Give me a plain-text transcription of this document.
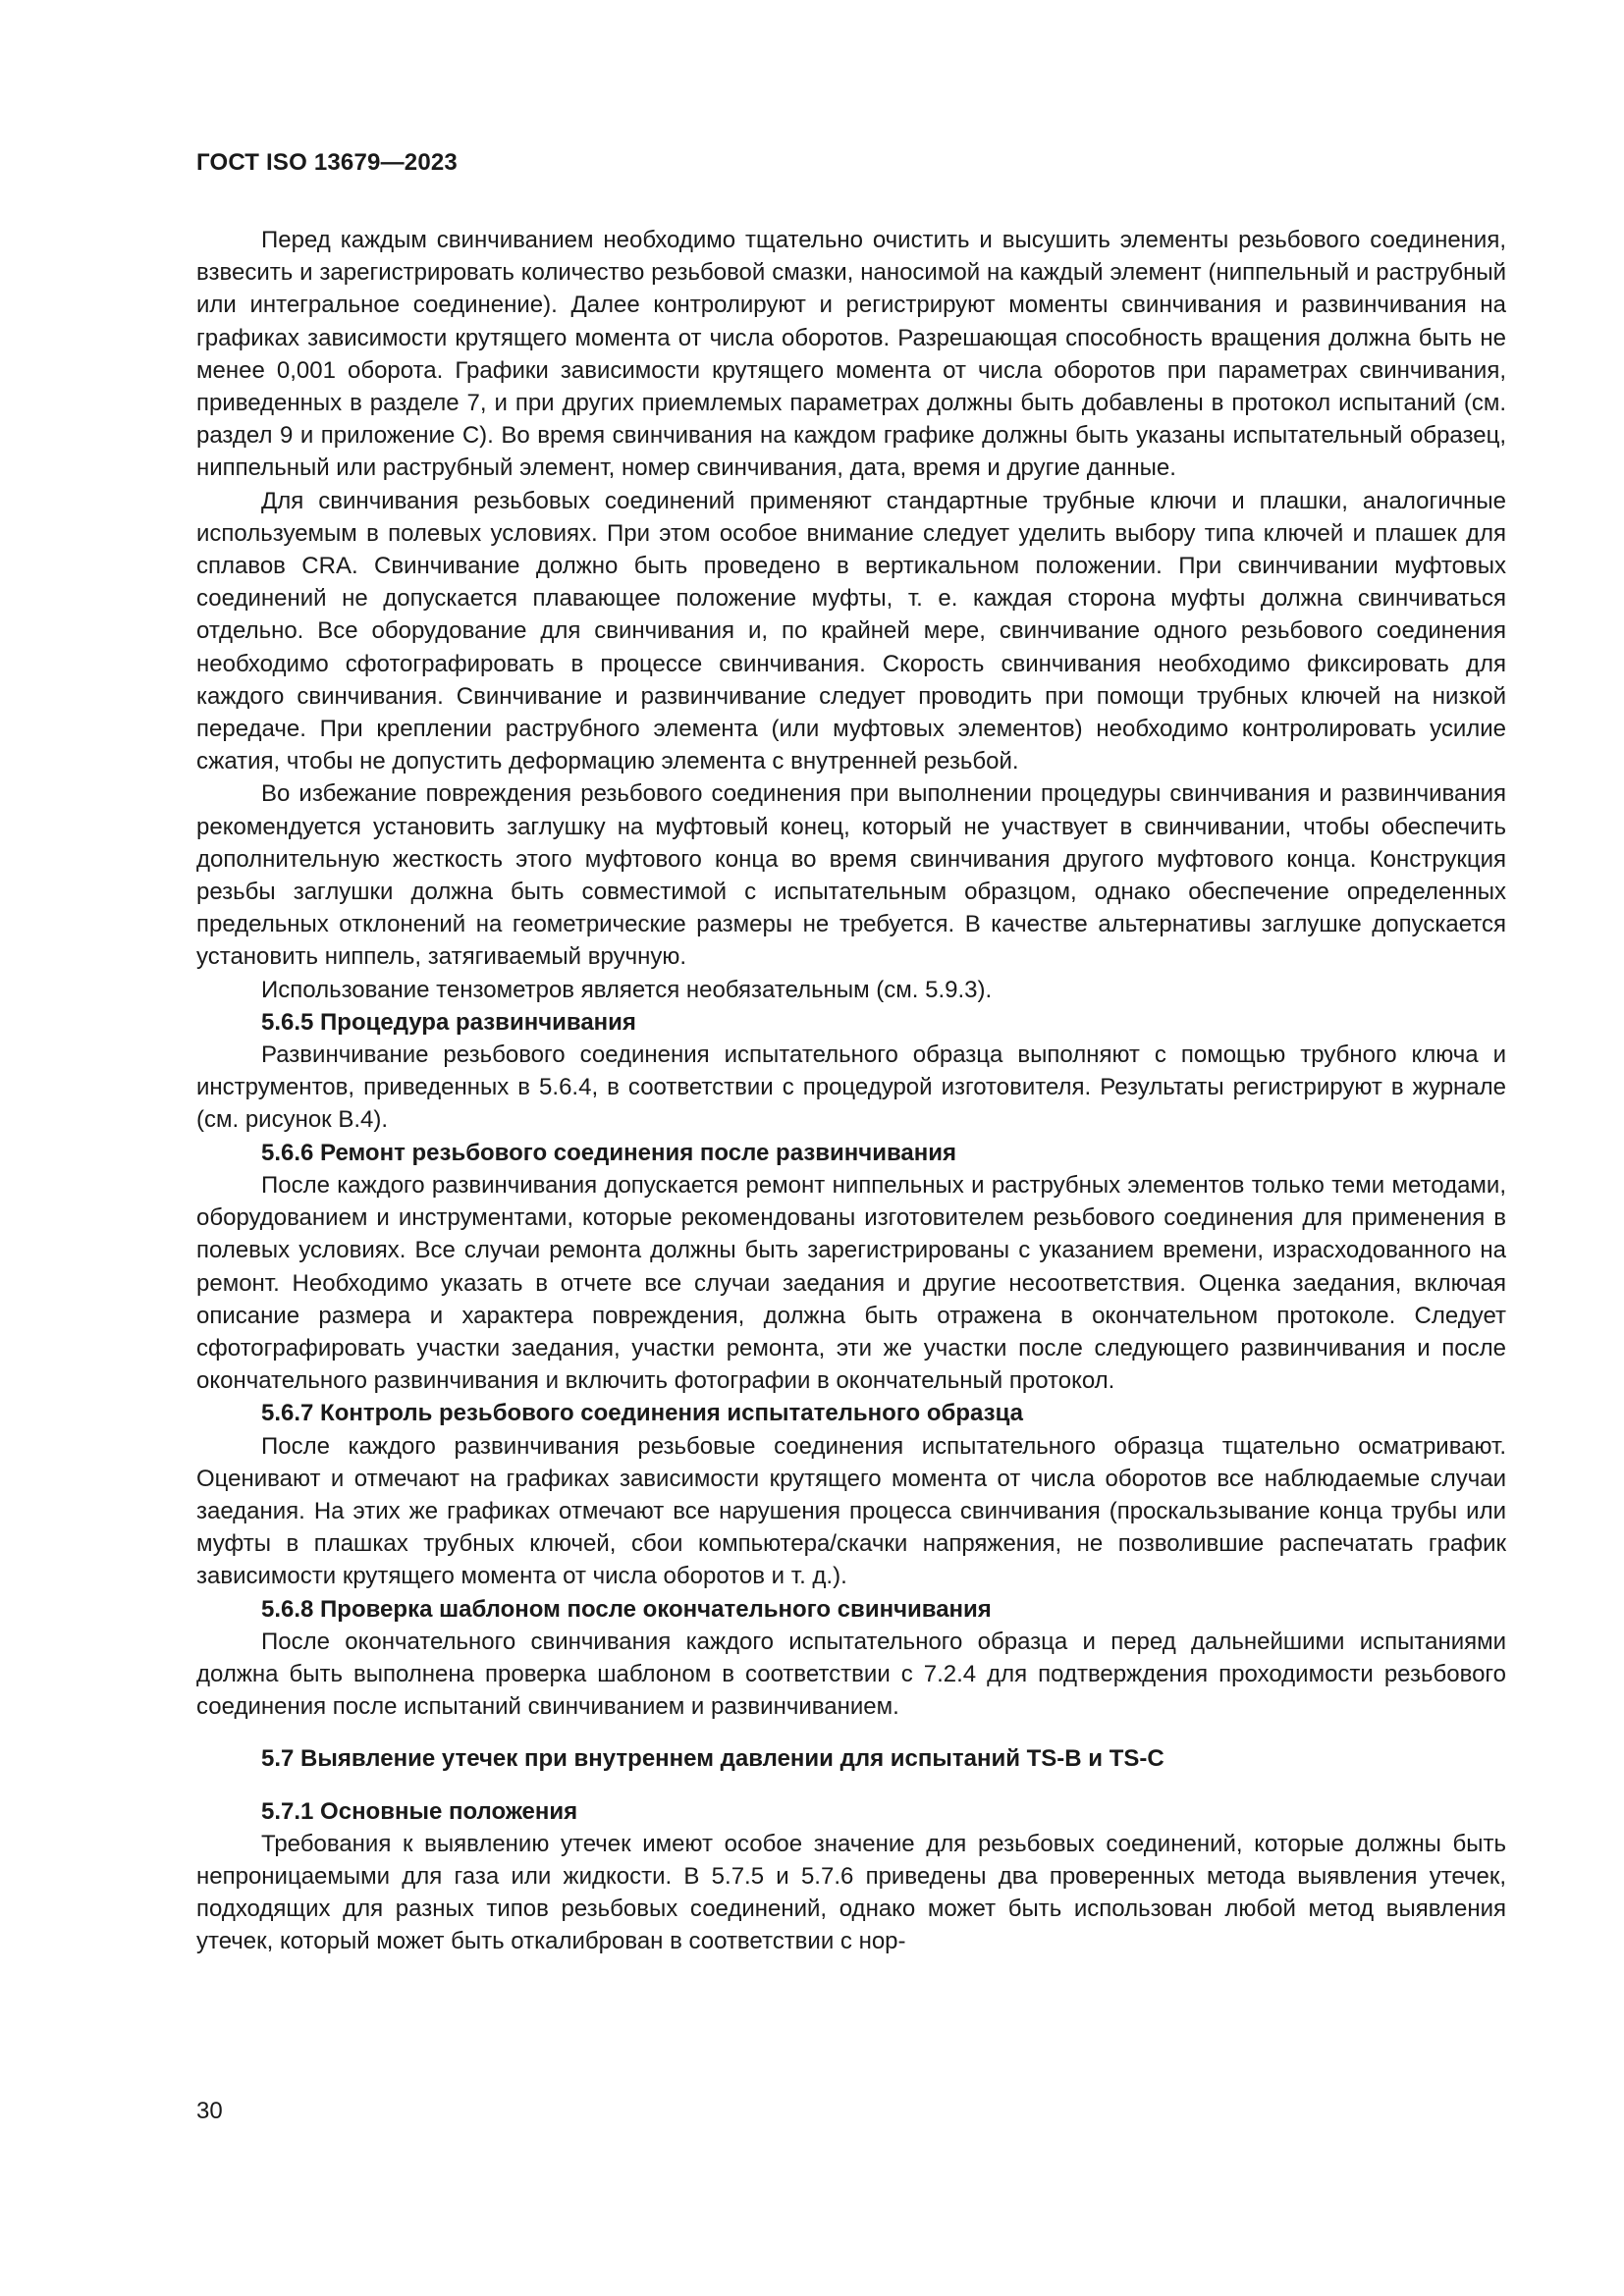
ГОСТ ISO 13679—2023

Перед каждым свинчиванием необходимо тщательно очистить и высушить элементы резьбового соединения, взвесить и зарегистрировать количество резьбовой смазки, наносимой на каждый элемент (ниппельный и раструбный или интегральное соединение). Далее контролируют и регистрируют моменты свинчивания и развинчивания на графиках зависимости крутящего момента от числа оборотов. Разрешающая способность вращения должна быть не менее 0,001 оборота. Графики зависимости крутящего момента от числа оборотов при параметрах свинчивания, приведенных в разделе 7, и при других приемлемых параметрах должны быть добавлены в протокол испытаний (см. раздел 9 и приложение С). Во время свинчивания на каждом графике должны быть указаны испытательный образец, ниппельный или раструбный элемент, номер свинчивания, дата, время и другие данные.

Для свинчивания резьбовых соединений применяют стандартные трубные ключи и плашки, аналогичные используемым в полевых условиях. При этом особое внимание следует уделить выбору типа ключей и плашек для сплавов CRA. Свинчивание должно быть проведено в вертикальном положении. При свинчивании муфтовых соединений не допускается плавающее положение муфты, т. е. каждая сторона муфты должна свинчиваться отдельно. Все оборудование для свинчивания и, по крайней мере, свинчивание одного резьбового соединения необходимо сфотографировать в процессе свинчивания. Скорость свинчивания необходимо фиксировать для каждого свинчивания. Свинчивание и развинчивание следует проводить при помощи трубных ключей на низкой передаче. При креплении раструбного элемента (или муфтовых элементов) необходимо контролировать усилие сжатия, чтобы не допустить деформацию элемента с внутренней резьбой.

Во избежание повреждения резьбового соединения при выполнении процедуры свинчивания и развинчивания рекомендуется установить заглушку на муфтовый конец, который не участвует в свинчивании, чтобы обеспечить дополнительную жесткость этого муфтового конца во время свинчивания другого муфтового конца. Конструкция резьбы заглушки должна быть совместимой с испытательным образцом, однако обеспечение определенных предельных отклонений на геометрические размеры не требуется. В качестве альтернативы заглушке допускается установить ниппель, затягиваемый вручную.

Использование тензометров является необязательным (см. 5.9.3).

5.6.5 Процедура развинчивания

Развинчивание резьбового соединения испытательного образца выполняют с помощью трубного ключа и инструментов, приведенных в 5.6.4, в соответствии с процедурой изготовителя. Результаты регистрируют в журнале (см. рисунок В.4).

5.6.6 Ремонт резьбового соединения после развинчивания

После каждого развинчивания допускается ремонт ниппельных и раструбных элементов только теми методами, оборудованием и инструментами, которые рекомендованы изготовителем резьбового соединения для применения в полевых условиях. Все случаи ремонта должны быть зарегистрированы с указанием времени, израсходованного на ремонт. Необходимо указать в отчете все случаи заедания и другие несоответствия. Оценка заедания, включая описание размера и характера повреждения, должна быть отражена в окончательном протоколе. Следует сфотографировать участки заедания, участки ремонта, эти же участки после следующего развинчивания и после окончательного развинчивания и включить фотографии в окончательный протокол.

5.6.7 Контроль резьбового соединения испытательного образца

После каждого развинчивания резьбовые соединения испытательного образца тщательно осматривают. Оценивают и отмечают на графиках зависимости крутящего момента от числа оборотов все наблюдаемые случаи заедания. На этих же графиках отмечают все нарушения процесса свинчивания (проскальзывание конца трубы или муфты в плашках трубных ключей, сбои компьютера/скачки напряжения, не позволившие распечатать график зависимости крутящего момента от числа оборотов и т. д.).

5.6.8 Проверка шаблоном после окончательного свинчивания

После окончательного свинчивания каждого испытательного образца и перед дальнейшими испытаниями должна быть выполнена проверка шаблоном в соответствии с 7.2.4 для подтверждения проходимости резьбового соединения после испытаний свинчиванием и развинчиванием.

5.7 Выявление утечек при внутреннем давлении для испытаний TS-B и TS-C
5.7.1 Основные положения

Требования к выявлению утечек имеют особое значение для резьбовых соединений, которые должны быть непроницаемыми для газа или жидкости. В 5.7.5 и 5.7.6 приведены два проверенных метода выявления утечек, подходящих для разных типов резьбовых соединений, однако может быть использован любой метод выявления утечек, который может быть откалиброван в соответствии с нор-

30
